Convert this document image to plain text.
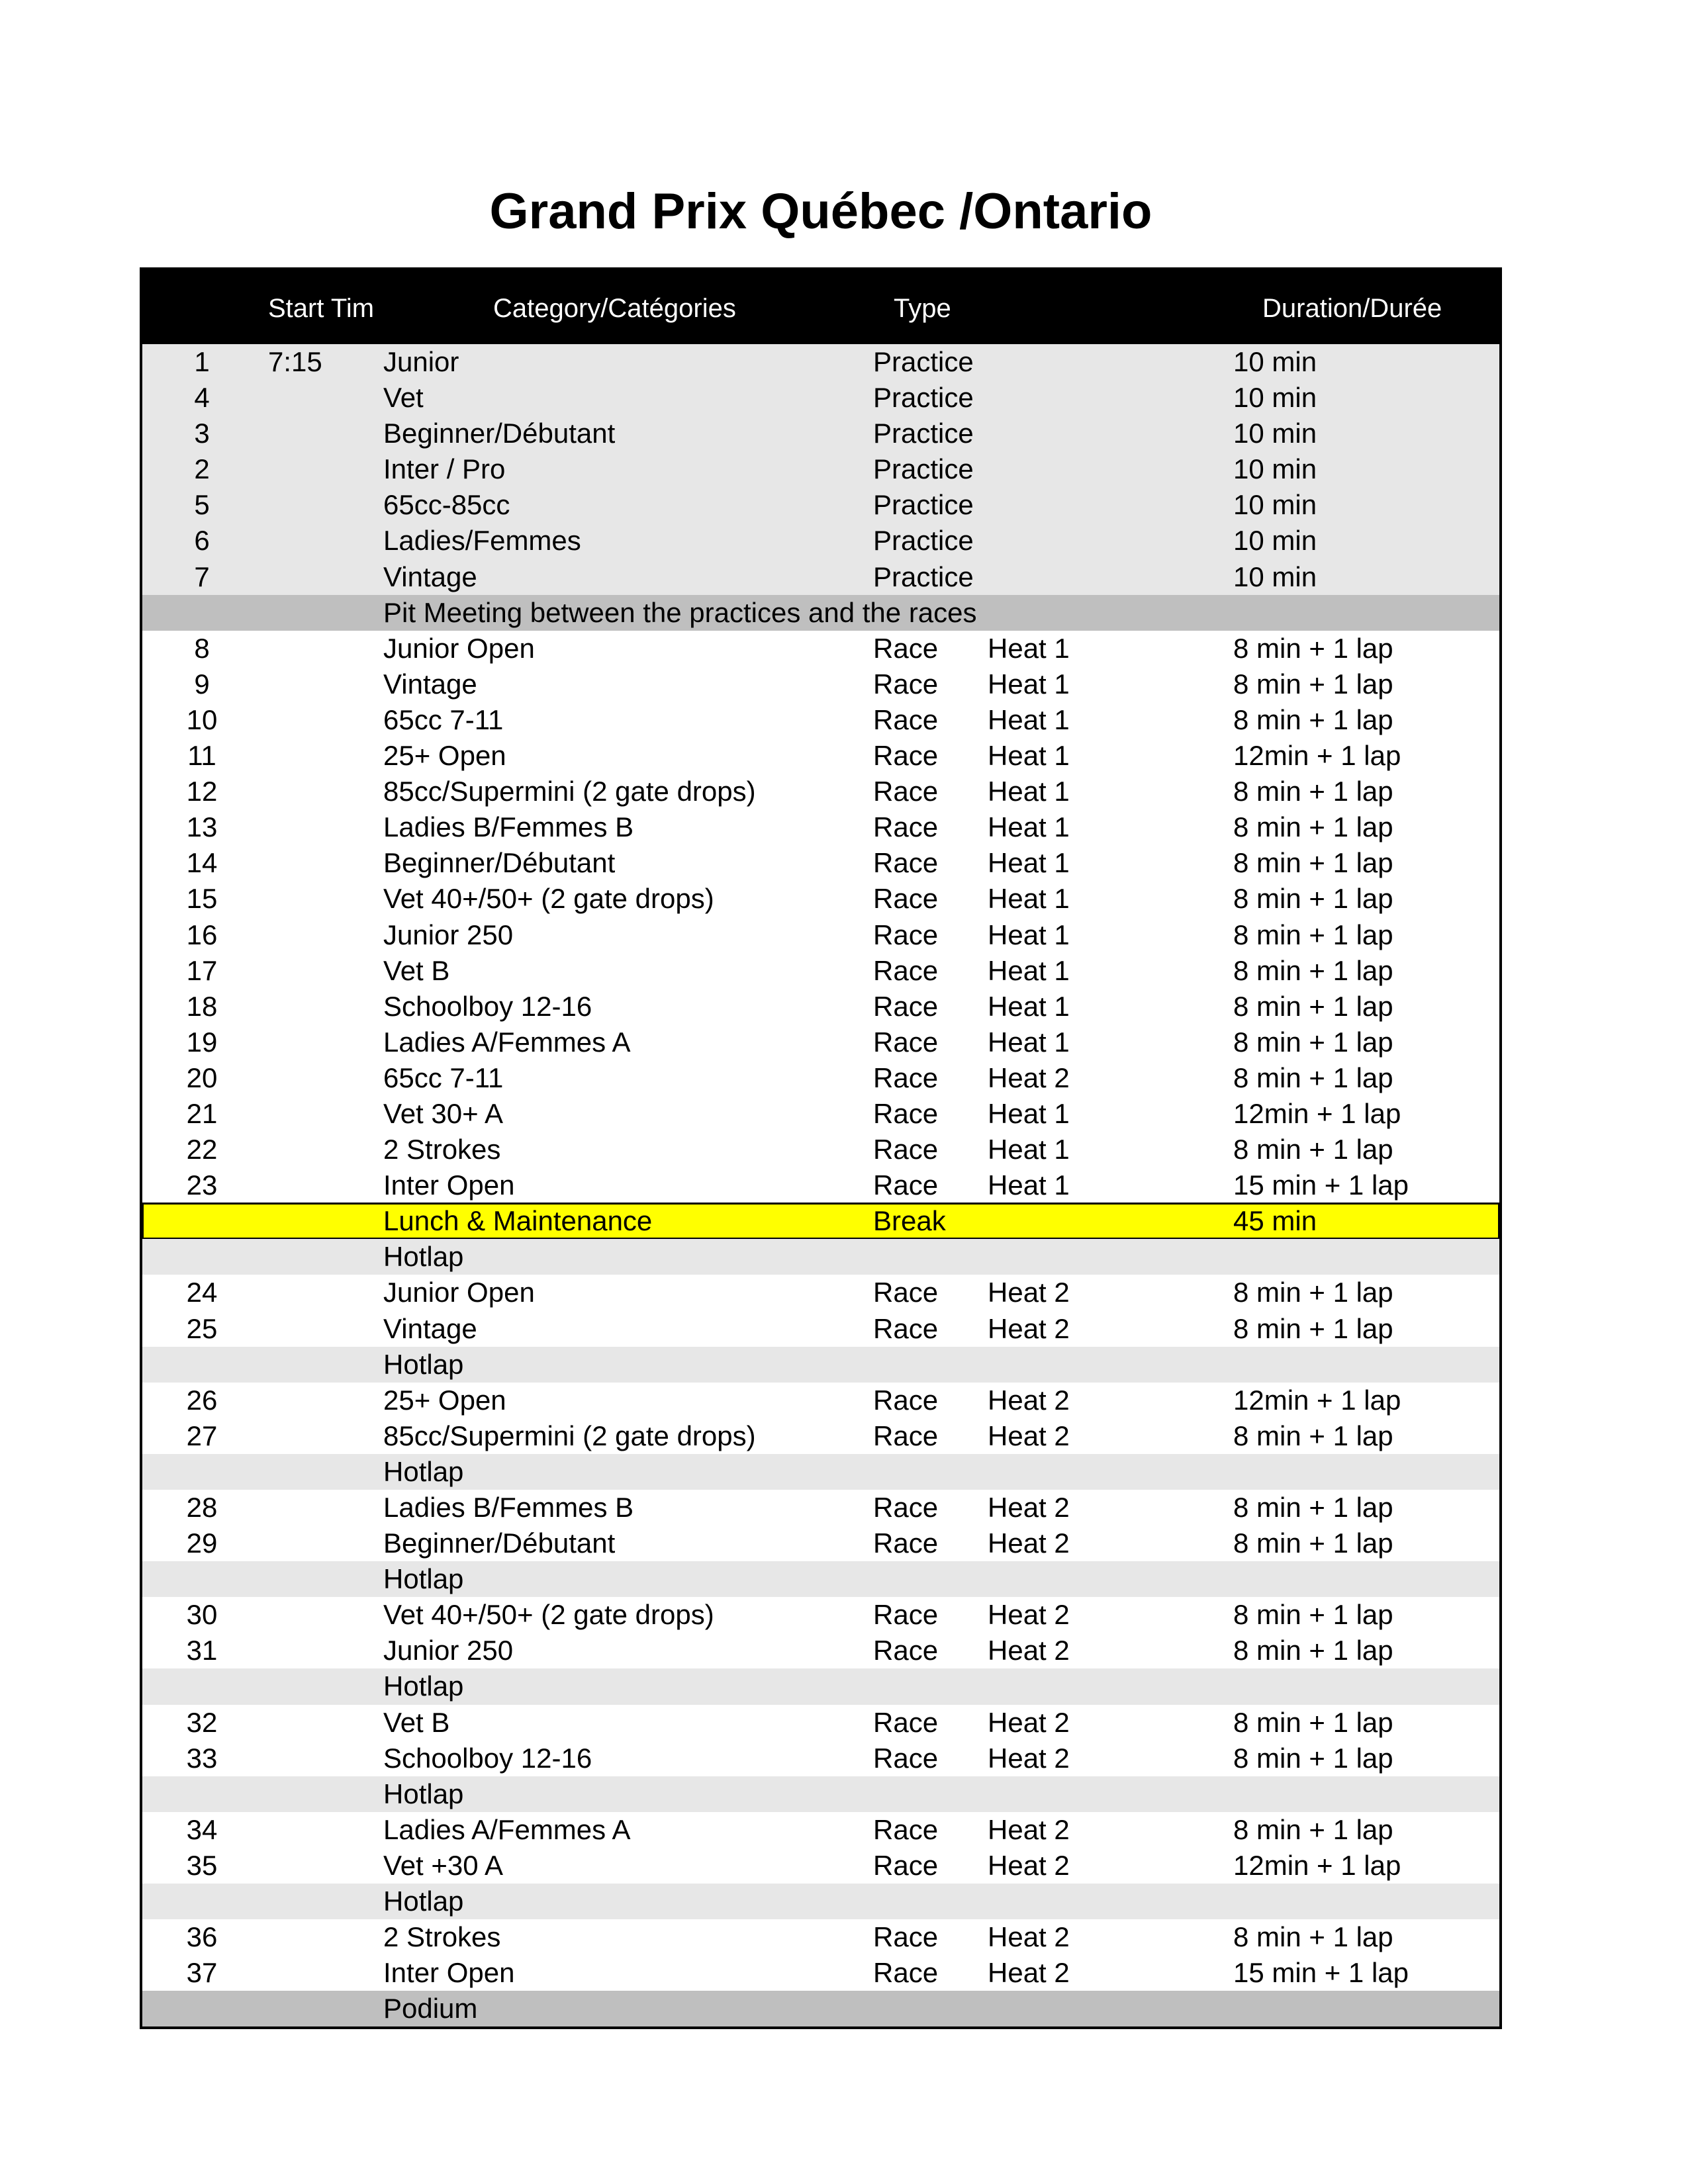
Grand Prix Québec /Ontario
Start Tim	Category/Catégories	Type	Duration/Durée
1	7:15 Junior	Practice	10 min
4	Vet	Practice	10 min
3	Beginner/Débutant	Practice	10 min
2	Inter / Pro	Practice	10 min
5	65cc-85cc	Practice	10 min
6	Ladies/Femmes	Practice	10 min
7	Vintage	Practice	10 min
Pit Meeting between the practices and the races
8	Junior Open	Race Heat 1	8 min + 1 lap
9	Vintage	Race Heat 1	8 min + 1 lap
10	65cc 7-11	Race Heat 1	8 min + 1 lap
11	25+ Open	Race Heat 1	12min + 1 lap
12	85cc/Supermini (2 gate drops)	Race Heat 1	8 min + 1 lap
13	Ladies B/Femmes B	Race Heat 1	8 min + 1 lap
14	Beginner/Débutant	Race Heat 1	8 min + 1 lap
15	Vet 40+/50+ (2 gate drops)	Race Heat 1	8 min + 1 lap
16	Junior 250	Race Heat 1	8 min + 1 lap
17	Vet B	Race Heat 1	8 min + 1 lap
18	Schoolboy 12-16	Race Heat 1	8 min + 1 lap
19	Ladies A/Femmes A	Race Heat 1	8 min + 1 lap
20	65cc 7-11	Race Heat 2	8 min + 1 lap
21	Vet 30+ A	Race Heat 1	12min + 1 lap
22	2 Strokes	Race Heat 1	8 min + 1 lap
23	Inter Open	Race Heat 1	15 min + 1 lap
Lunch & Maintenance	Break	45 min
Hotlap
24	Junior Open	Race Heat 2	8 min + 1 lap
25	Vintage	Race Heat 2	8 min + 1 lap
Hotlap
26	25+ Open	Race Heat 2	12min + 1 lap
27	85cc/Supermini (2 gate drops)	Race Heat 2	8 min + 1 lap
Hotlap
28	Ladies B/Femmes B	Race Heat 2	8 min + 1 lap
29	Beginner/Débutant	Race Heat 2	8 min + 1 lap
Hotlap
30	Vet 40+/50+ (2 gate drops)	Race Heat 2	8 min + 1 lap
31	Junior 250	Race Heat 2	8 min + 1 lap
Hotlap
32	Vet B	Race Heat 2	8 min + 1 lap
33	Schoolboy 12-16	Race Heat 2	8 min + 1 lap
Hotlap
34	Ladies A/Femmes A	Race Heat 2	8 min + 1 lap
35	Vet +30 A	Race Heat 2	12min + 1 lap
Hotlap
36	2 Strokes	Race Heat 2	8 min + 1 lap
37	Inter Open	Race Heat 2	15 min + 1 lap
Podium
